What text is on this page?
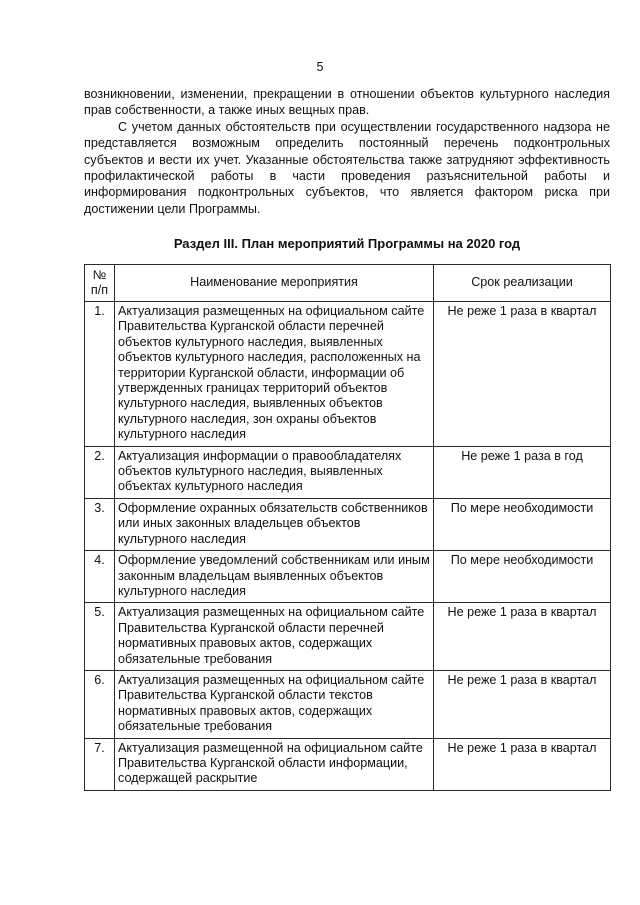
5

возникновении, изменении, прекращении в отношении объектов культурного наследия прав собственности, а также иных вещных прав.

С учетом данных обстоятельств при осуществлении государственного надзора не представляется возможным определить постоянный перечень подконтрольных субъектов и вести их учет. Указанные обстоятельства также затрудняют эффективность профилактической работы в части проведения разъяснительной работы и информирования подконтрольных субъектов, что является фактором риска при достижении цели Программы.

Раздел III. План мероприятий Программы на 2020 год
№ п/п	Наименование мероприятия	Срок реализации
1.	Актуализация размещенных на официальном сайте Правительства Курганской области перечней объектов культурного наследия, выявленных объектов культурного наследия, расположенных на территории Курганской области, информации об утвержденных границах территорий объектов культурного наследия, выявленных объектов культурного наследия, зон охраны объектов культурного наследия	Не реже 1 раза в квартал
2.	Актуализация информации о правообладателях объектов культурного наследия, выявленных объектах культурного наследия	Не реже 1 раза в год
3.	Оформление охранных обязательств собственников или иных законных владельцев объектов культурного наследия	По мере необходимости
4.	Оформление уведомлений собственникам или иным законным владельцам выявленных объектов культурного наследия	По мере необходимости
5.	Актуализация размещенных на официальном сайте Правительства Курганской области перечней нормативных правовых актов, содержащих обязательные требования	Не реже 1 раза в квартал
6.	Актуализация размещенных на официальном сайте Правительства Курганской области текстов нормативных правовых актов, содержащих обязательные требования	Не реже 1 раза в квартал
7.	Актуализация размещенной на официальном сайте Правительства Курганской области информации, содержащей раскрытие	Не реже 1 раза в квартал
